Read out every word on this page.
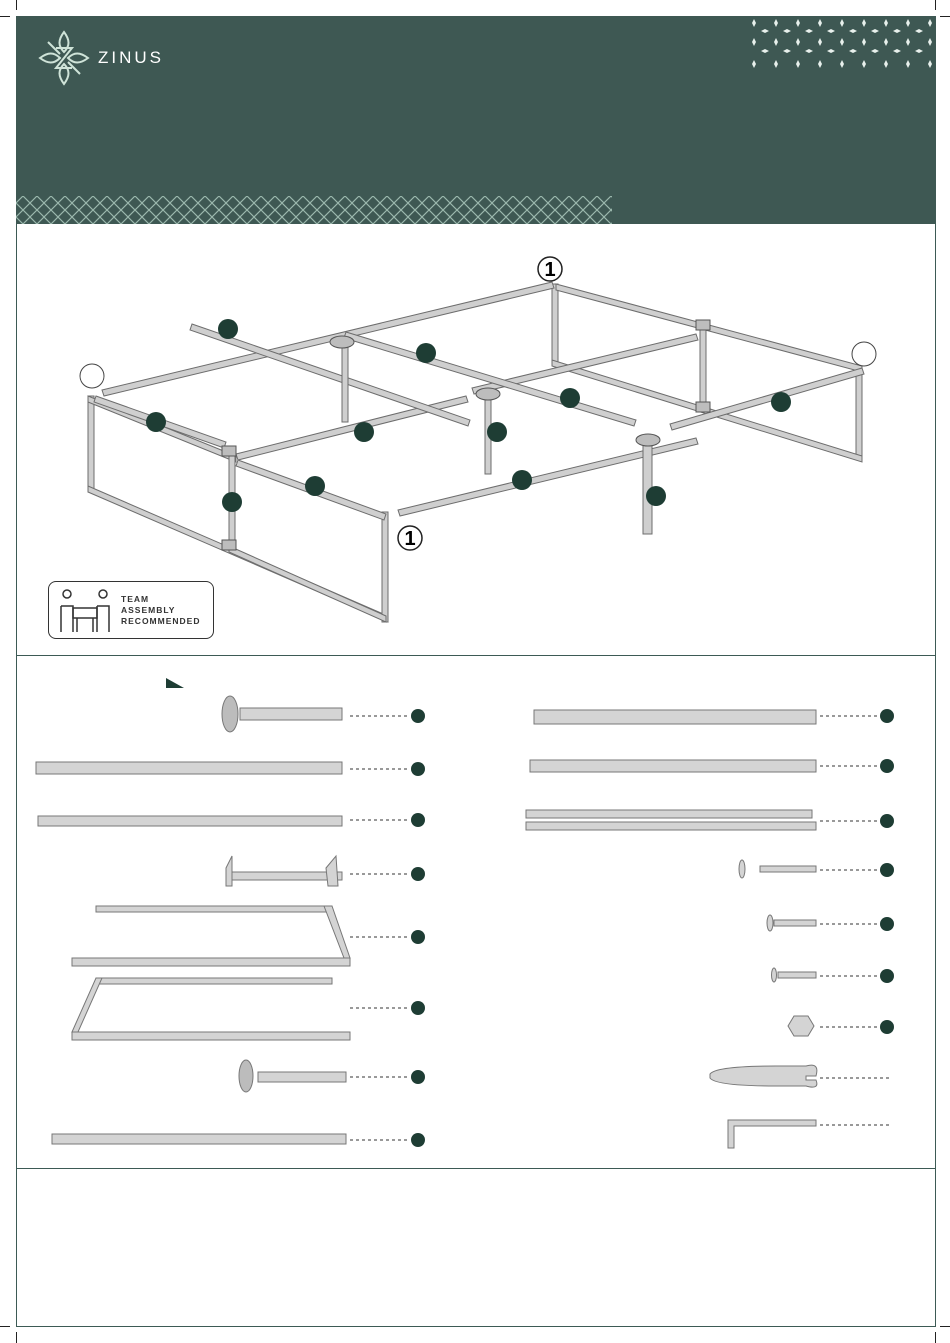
ZINUS
1
1
TEAM
ASSEMBLY
RECOMMENDED
